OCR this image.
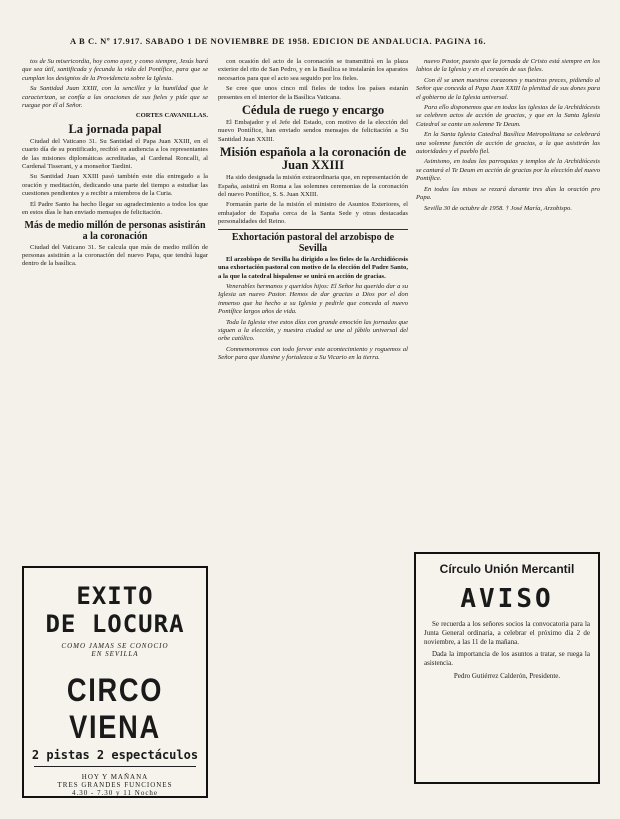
A B C. Nº 17.917. SABADO 1 DE NOVIEMBRE DE 1958. EDICION DE ANDALUCIA. PAGINA 16.

tos de Su misericordia, hoy como ayer, y como siempre, Jesús hará que sea útil, santificada y fecunda la vida del Pontífice, para que se cumplan los designios de la Providencia sobre la Iglesia.

Su Santidad Juan XXIII, con la sencillez y la humildad que le caracterizan, se confía a las oraciones de sus fieles y pide que se ruegue por él al Señor.

CORTES CAVANILLAS.

La jornada papal

Ciudad del Vaticano 31. Su Santidad el Papa Juan XXIII, en el cuarto día de su pontificado, recibió en audiencia a los representantes de las misiones diplomáticas acreditadas, al Cardenal Roncalli, al Cardenal Tisserant, y a monseñor Tardini.

Su Santidad Juan XXIII pasó también este día entregado a la oración y meditación, dedicando una parte del tiempo a estudiar las cuestiones pendientes y a recibir a miembros de la Curia.

El Padre Santo ha hecho llegar su agradecimiento a todos los que en estos días le han enviado mensajes de felicitación.

Más de medio millón de personas asistirán a la coronación

Ciudad del Vaticano 31. Se calcula que más de medio millón de personas asistirán a la coronación del nuevo Papa, que tendrá lugar dentro de la basílica.

con ocasión del acto de la coronación se transmitirá en la plaza exterior del rito de San Pedro, y en la Basílica se instalarán los aparatos necesarios para que el acto sea seguido por los fieles.

Se cree que unos cinco mil fieles de todos los países estarán presentes en el interior de la Basílica Vaticana.

Cédula de ruego y encargo

El Embajador y el Jefe del Estado, con motivo de la elección del nuevo Pontífice, han enviado sendos mensajes de felicitación a Su Santidad Juan XXIII.

Misión española a la coronación de Juan XXIII

Ha sido designada la misión extraordinaria que, en representación de España, asistirá en Roma a las solemnes ceremonias de la coronación del nuevo Pontífice, S. S. Juan XXIII.

Formarán parte de la misión el ministro de Asuntos Exteriores, el embajador de España cerca de la Santa Sede y otras destacadas personalidades del Reino.

Exhortación pastoral del arzobispo de Sevilla

El arzobispo de Sevilla ha dirigido a los fieles de la Archidiócesis una exhortación pastoral con motivo de la elección del Padre Santo, a la que la catedral hispalense se unirá en acción de gracias.

Venerables hermanos y queridos hijos: El Señor ha querido dar a su Iglesia un nuevo Pastor. Hemos de dar gracias a Dios por el don inmenso que ha hecho a su Iglesia y pedirle que conceda al nuevo Pontífice largos años de vida.

Toda la Iglesia vive estos días con grande emoción las jornadas que siguen a la elección, y nuestra ciudad se une al júbilo universal del orbe católico.

Conmemoremos con todo fervor este acontecimiento y roguemos al Señor para que ilumine y fortalezca a Su Vicario en la tierra.

nuevo Pastor, puesto que la jornada de Cristo está siempre en los labios de la Iglesia y en el corazón de sus fieles.

Con él se unen nuestros corazones y nuestras preces, pidiendo al Señor que conceda al Papa Juan XXIII la plenitud de sus dones para el gobierno de la Iglesia universal.

Para ello disponemos que en todas las iglesias de la Archidiócesis se celebren actos de acción de gracias, y que en la Santa Iglesia Catedral se cante un solemne Te Deum.

En la Santa Iglesia Catedral Basílica Metropolitana se celebrará una solemne función de acción de gracias, a la que asistirán las autoridades y el pueblo fiel.

Asimismo, en todas las parroquias y templos de la Archidiócesis se cantará el Te Deum en acción de gracias por la elección del nuevo Pontífice.

En todas las misas se rezará durante tres días la oración pro Papa.

Sevilla 30 de octubre de 1958. † José María, Arzobispo.

EXITO
DE LOCURA
COMO JAMAS SE CONOCIO
EN SEVILLA
CIRCO VIENA
2 pistas 2 espectáculos
HOY Y MAÑANA
TRES GRANDES FUNCIONES
4.30 - 7.30 y 11 Noche
Círculo Unión Mercantil
AVISO

Se recuerda a los señores socios la convocatoria para la Junta General ordinaria, a celebrar el próximo día 2 de noviembre, a las 11 de la mañana.

Dada la importancia de los asuntos a tratar, se ruega la asistencia.

Pedro Gutiérrez Calderón, Presidente.
